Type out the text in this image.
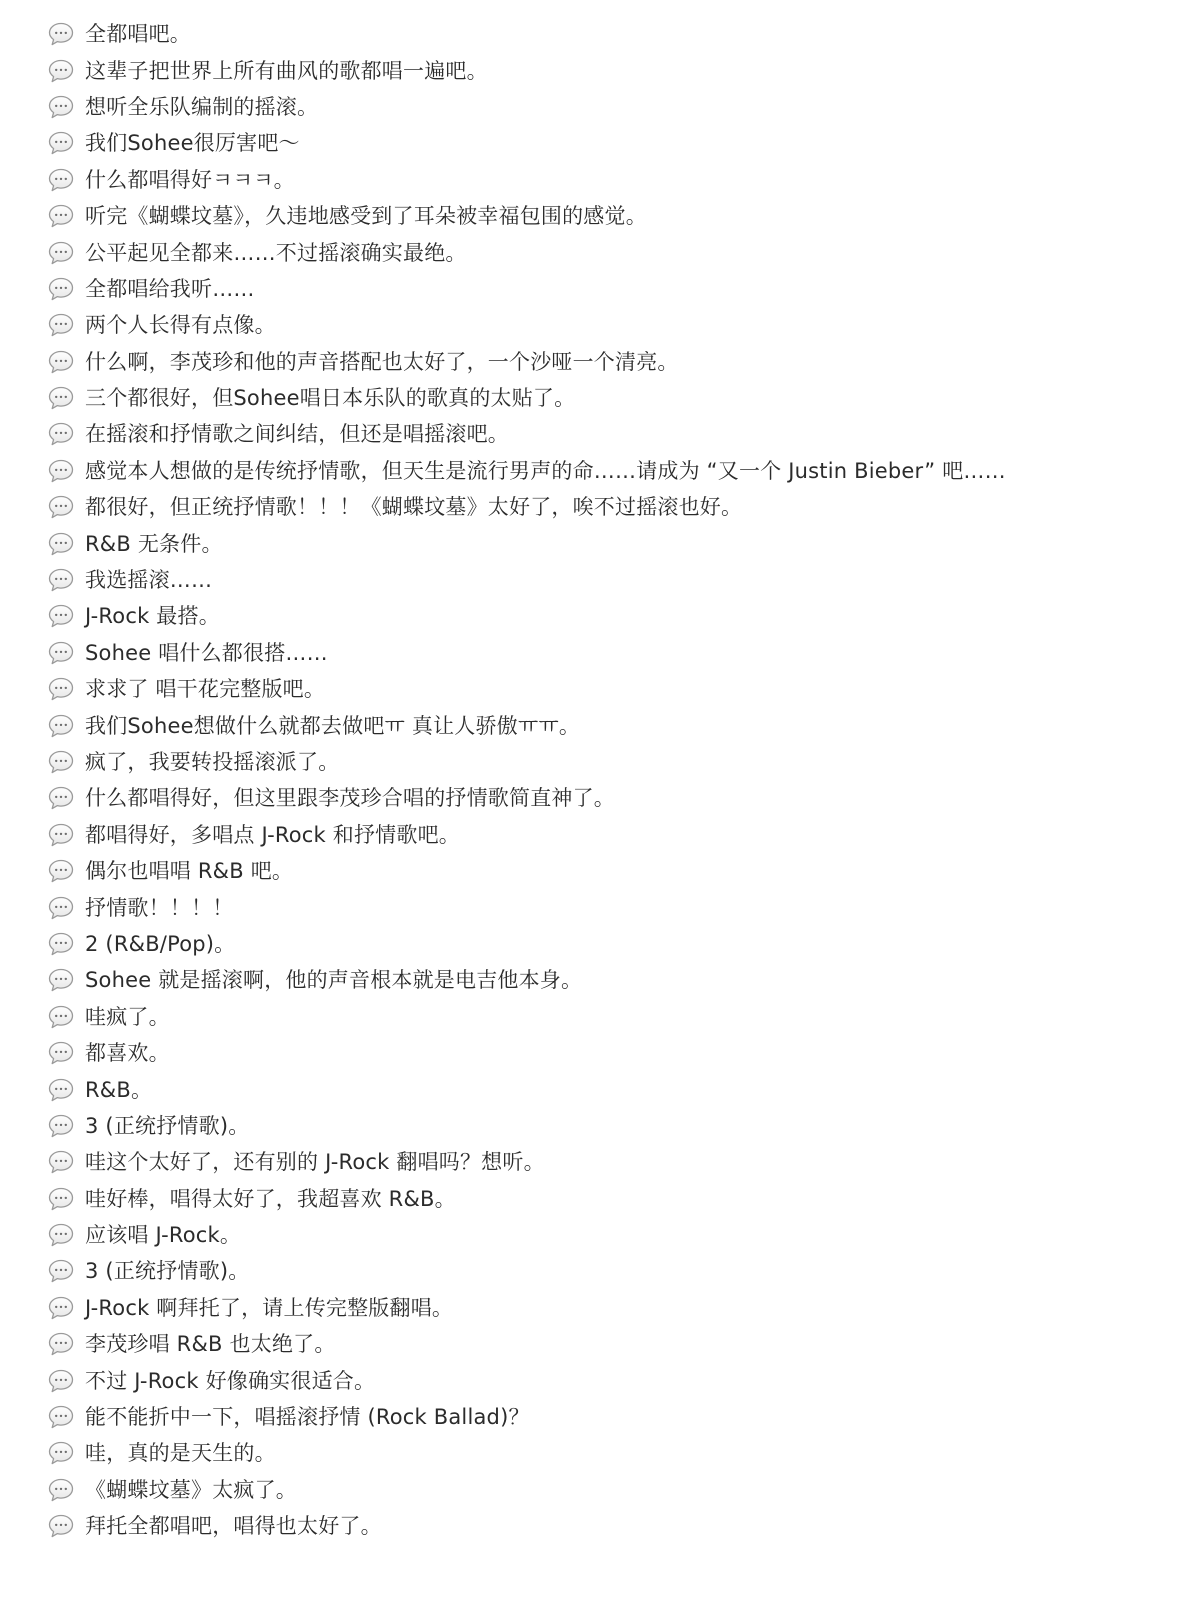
全都唱吧。
这辈子把世界上所有曲风的歌都唱一遍吧。
想听全乐队编制的摇滚。
我们Sohee很厉害吧～
什么都唱得好ㅋㅋㅋ。
听完《蝴蝶坟墓》，久违地感受到了耳朵被幸福包围的感觉。
公平起见全都来……不过摇滚确实最绝。
全都唱给我听……
两个人长得有点像。
什么啊，李茂珍和他的声音搭配也太好了，一个沙哑一个清亮。
三个都很好，但Sohee唱日本乐队的歌真的太贴了。
在摇滚和抒情歌之间纠结，但还是唱摇滚吧。
感觉本人想做的是传统抒情歌，但天生是流行男声的命……请成为 “又一个 Justin Bieber” 吧……
都很好，但正统抒情歌！！！《蝴蝶坟墓》太好了，唉不过摇滚也好。
R&B 无条件。
我选摇滚……
J-Rock 最搭。
Sohee 唱什么都很搭……
求求了 唱干花完整版吧。
我们Sohee想做什么就都去做吧ㅠ 真让人骄傲ㅠㅠ。
疯了，我要转投摇滚派了。
什么都唱得好，但这里跟李茂珍合唱的抒情歌简直神了。
都唱得好，多唱点 J-Rock 和抒情歌吧。
偶尔也唱唱 R&B 吧。
抒情歌！！！！
2 (R&B/Pop)。
Sohee 就是摇滚啊，他的声音根本就是电吉他本身。
哇疯了。
都喜欢。
R&B。
3 (正统抒情歌)。
哇这个太好了，还有别的 J-Rock 翻唱吗？想听。
哇好棒，唱得太好了，我超喜欢 R&B。
应该唱 J-Rock。
3 (正统抒情歌)。
J-Rock 啊拜托了，请上传完整版翻唱。
李茂珍唱 R&B 也太绝了。
不过 J-Rock 好像确实很适合。
能不能折中一下，唱摇滚抒情 (Rock Ballad)？
哇，真的是天生的。
《蝴蝶坟墓》太疯了。
拜托全都唱吧，唱得也太好了。
